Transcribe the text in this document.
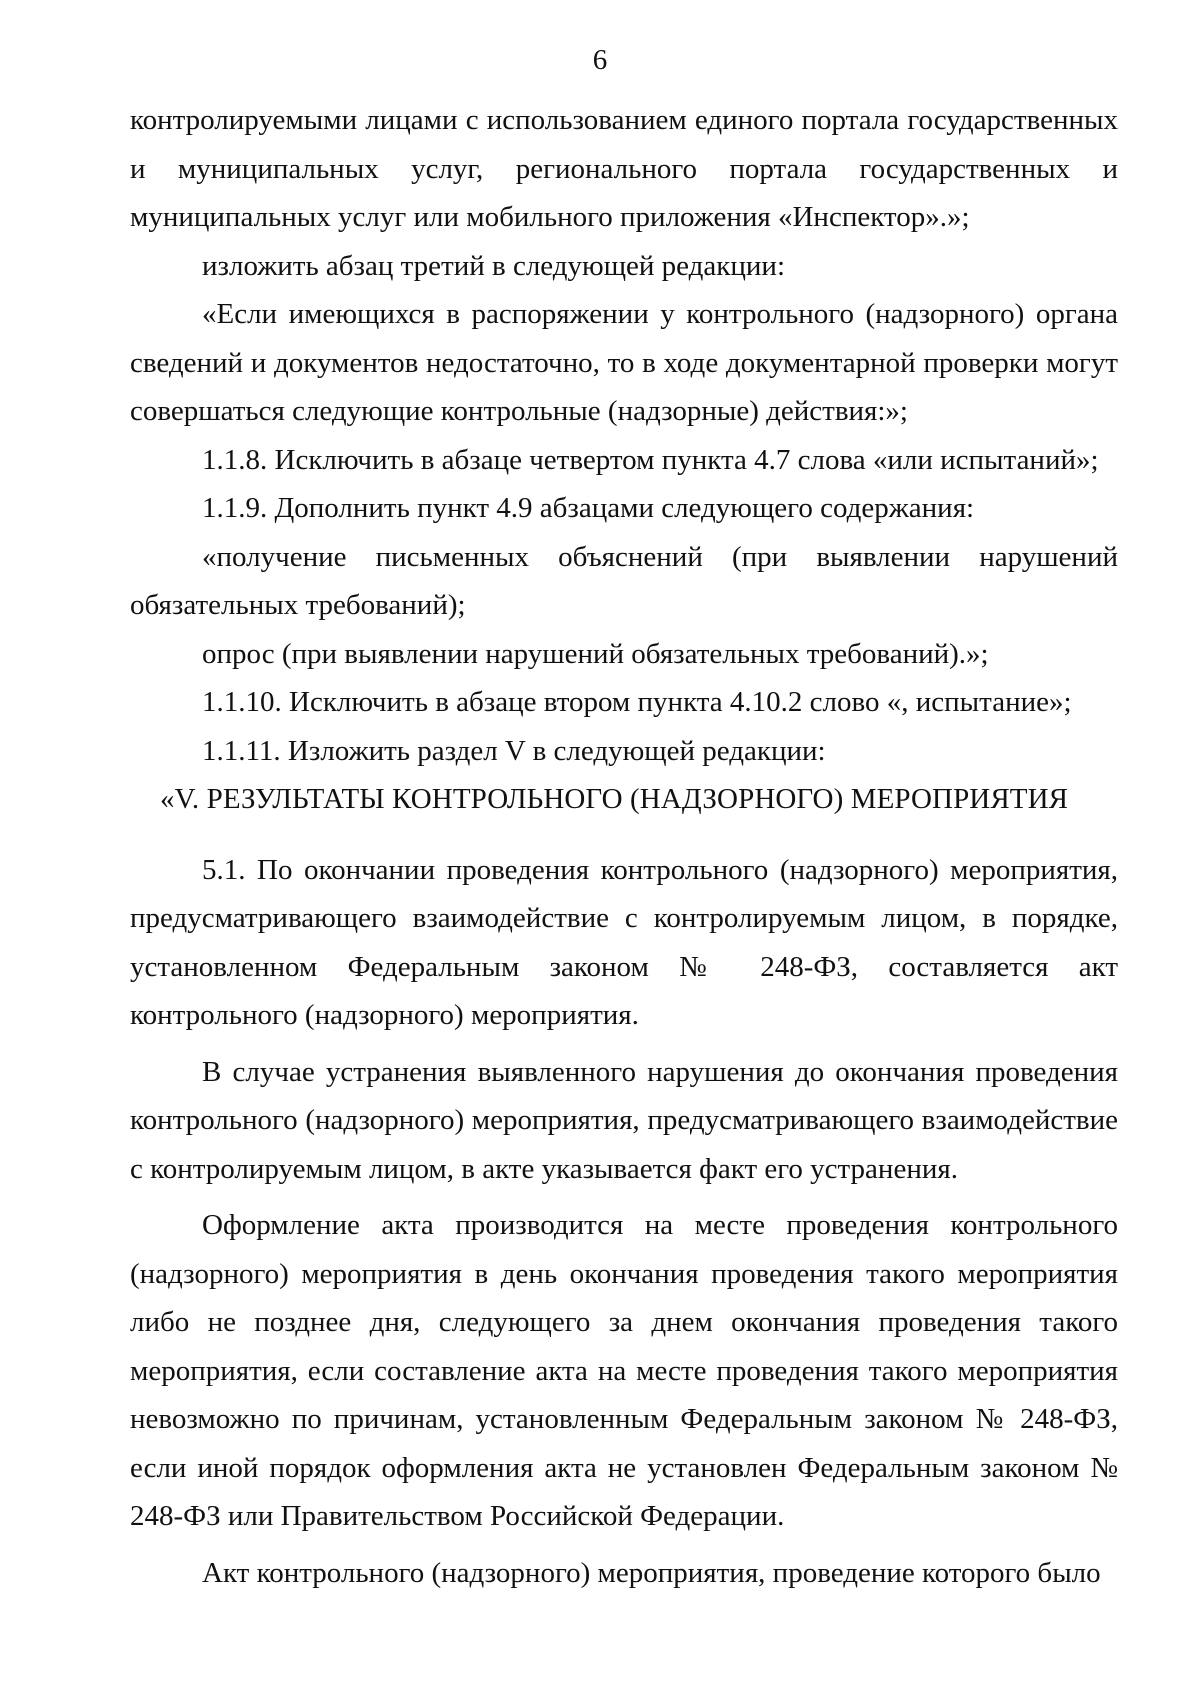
6

контролируемыми лицами с использованием единого портала государственных и муниципальных услуг, регионального портала государственных и муниципальных услуг или мобильного приложения «Инспектор».»;

изложить абзац третий в следующей редакции:

«Если имеющихся в распоряжении у контрольного (надзорного) органа сведений и документов недостаточно, то в ходе документарной проверки могут совершаться следующие контрольные (надзорные) действия:»;

1.1.8. Исключить в абзаце четвертом пункта 4.7 слова «или испытаний»;

1.1.9. Дополнить пункт 4.9 абзацами следующего содержания:

«получение письменных объяснений (при выявлении нарушений обязательных требований);

опрос (при выявлении нарушений обязательных требований).»;

1.1.10. Исключить в абзаце втором пункта 4.10.2 слово «, испытание»;

1.1.11. Изложить раздел V в следующей редакции:

«V. РЕЗУЛЬТАТЫ КОНТРОЛЬНОГО (НАДЗОРНОГО) МЕРОПРИЯТИЯ

5.1. По окончании проведения контрольного (надзорного) мероприятия, предусматривающего взаимодействие с контролируемым лицом, в порядке, установленном Федеральным законом № 248-ФЗ, составляется акт контрольного (надзорного) мероприятия.

В случае устранения выявленного нарушения до окончания проведения контрольного (надзорного) мероприятия, предусматривающего взаимодействие с контролируемым лицом, в акте указывается факт его устранения.

Оформление акта производится на месте проведения контрольного (надзорного) мероприятия в день окончания проведения такого мероприятия либо не позднее дня, следующего за днем окончания проведения такого мероприятия, если составление акта на месте проведения такого мероприятия невозможно по причинам, установленным Федеральным законом № 248-ФЗ, если иной порядок оформления акта не установлен Федеральным законом № 248-ФЗ или Правительством Российской Федерации.

Акт контрольного (надзорного) мероприятия, проведение которого было
